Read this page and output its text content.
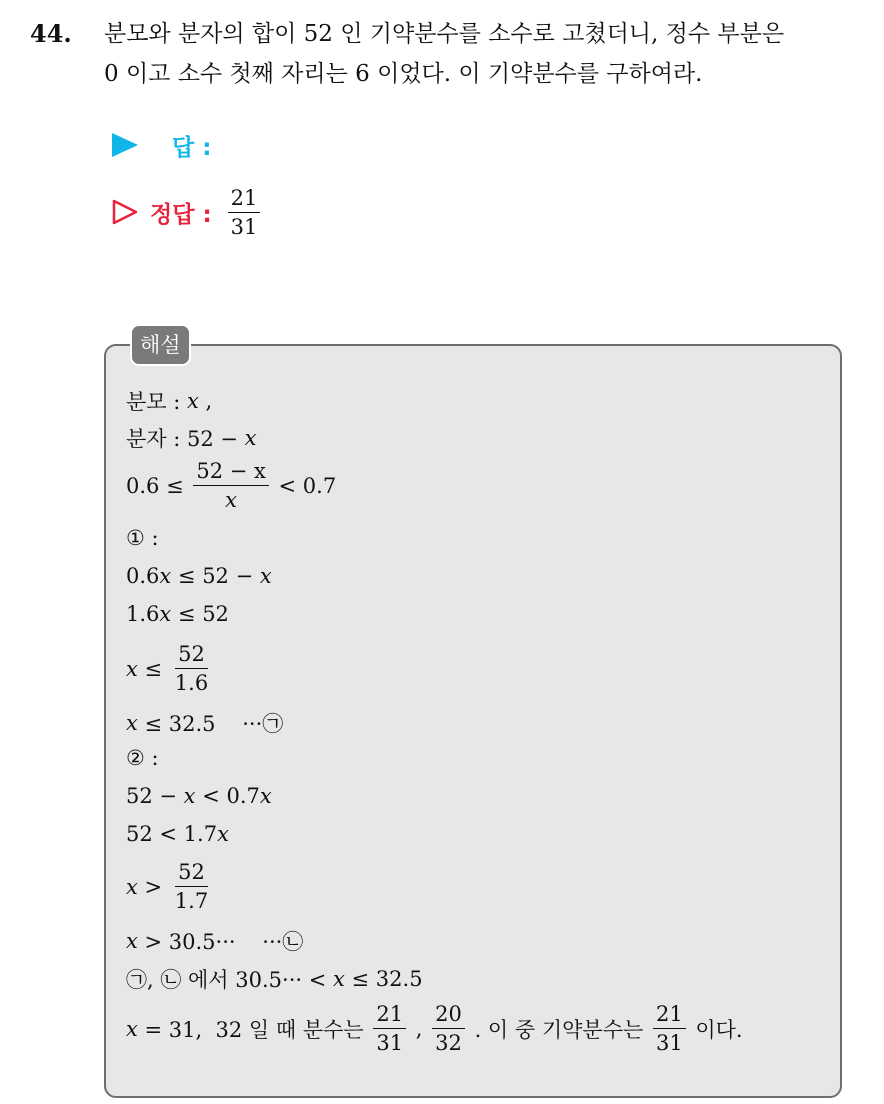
44. 분모와 분자의 합이 52 인 기약분수를 소수로 고쳤더니, 정수 부분은
0 이고 소수 첫째 자리는 6 이었다. 이 기약분수를 구하여라.
답 :
정답 : $\frac{21}{31}$
해설
분모 : x ,
분자 : 52 − x
$0.6 \le \frac{52 - x}{x} < 0.7$
① :
0.6 x ≤ 52 − x
1.6 x ≤ 52
$x \le \frac{52}{1.6}$
x ≤ 32.5    ···㉠
② :
52 − x < 0.7 x
52 < 1.7 x
$x > \frac{52}{1.7}$
x > 30.5···    ···㉡
㉠, ㉡ 에서 30.5··· < x ≤ 32.5
x = 31,  32 일 때 분수는 $\frac{21}{31}$ , $\frac{20}{32}$ . 이 중 기약분수는 $\frac{21}{31}$ 이다.
